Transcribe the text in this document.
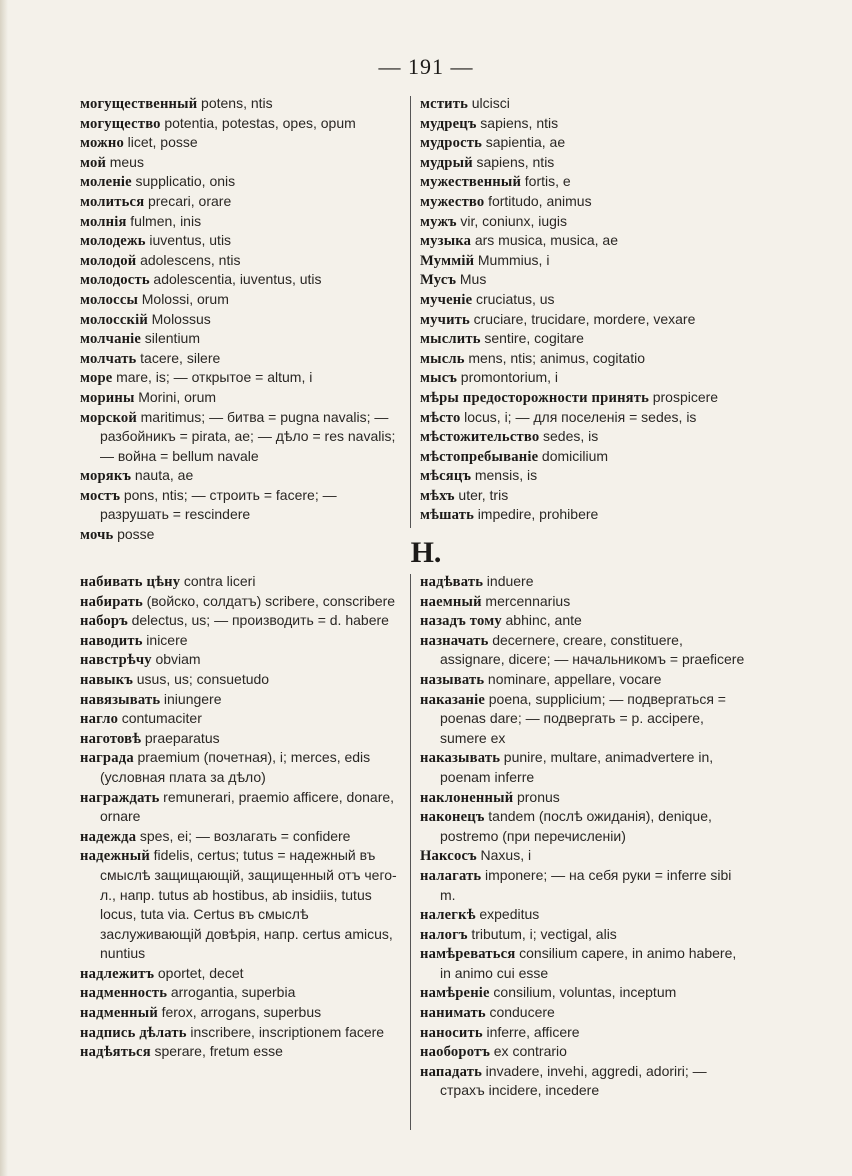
— 191 —

могущественный potens, ntis

могущество potentia, potestas, opes, opum

можно licet, posse

мой meus

моленіе supplicatio, onis

молиться precari, orare

молнія fulmen, inis

молодежь iuventus, utis

молодой adolescens, ntis

молодость adolescentia, iuventus, utis

молоссы Molossi, orum

молосскій Molossus

молчаніе silentium

молчать tacere, silere

море mare, is; — открытое = altum, i

морины Morini, orum

морской maritimus; — битва = pugna navalis; — разбойникъ = pirata, ae; — дѣло = res navalis; — война = bellum navale

морякъ nauta, ae

мостъ pons, ntis; — строить = facere; — разрушать = rescindere

мочь posse

мстить ulcisci

мудрецъ sapiens, ntis

мудрость sapientia, ae

мудрый sapiens, ntis

мужественный fortis, e

мужество fortitudo, animus

мужъ vir, coniunx, iugis

музыка ars musica, musica, ae

Муммій Mummius, i

Мусъ Mus

мученіе cruciatus, us

мучить cruciare, trucidare, mordere, vexare

мыслить sentire, cogitare

мысль mens, ntis; animus, cogitatio

мысъ promontorium, i

мѣры предосторожности принять prospicere

мѣсто locus, i; — для поселенія = sedes, is

мѣстожительство sedes, is

мѣстопребываніе domicilium

мѣсяцъ mensis, is

мѣхъ uter, tris

мѣшать impedire, prohibere

Н.

набивать цѣну contra liceri

набирать (войско, солдатъ) scribere, conscribere

наборъ delectus, us; — производить = d. habere

наводить inicere

навстрѣчу obviam

навыкъ usus, us; consuetudo

навязывать iniungere

нагло contumaciter

наготовѣ praeparatus

награда praemium (почетная), i; merces, edis (условная плата за дѣло)

награждать remunerari, praemio afficere, donare, ornare

надежда spes, ei; — возлагать = confidere

надежный fidelis, certus; tutus = надежный въ смыслѣ защищающій, защищенный отъ чего-л., напр. tutus ab hostibus, ab insidiis, tutus locus, tuta via. Certus въ смыслѣ заслуживающій довѣрія, напр. certus amicus, nuntius

надлежитъ oportet, decet

надменность arrogantia, superbia

надменный ferox, arrogans, superbus

надпись дѣлать inscribere, inscriptionem facere

надѣяться sperare, fretum esse

надѣвать induere

наемный mercennarius

назадъ тому abhinc, ante

назначать decernere, creare, constituere, assignare, dicere; — начальникомъ = praeficere

называть nominare, appellare, vocare

наказаніе poena, supplicium; — подвергаться = poenas dare; — подвергать = p. accipere, sumere ex

наказывать punire, multare, animadvertere in, poenam inferre

наклоненный pronus

наконецъ tandem (послѣ ожиданія), denique, postremo (при перечисленіи)

Наксосъ Naxus, i

налагать imponere; — на себя руки = inferre sibi m.

налегкѣ expeditus

налогъ tributum, i; vectigal, alis

намѣреваться consilium capere, in animo habere, in animo cui esse

намѣреніе consilium, voluntas, inceptum

нанимать conducere

наносить inferre, afficere

наоборотъ ex contrario

нападать invadere, invehi, aggredi, adoriri; — страхъ incidere, incedere
